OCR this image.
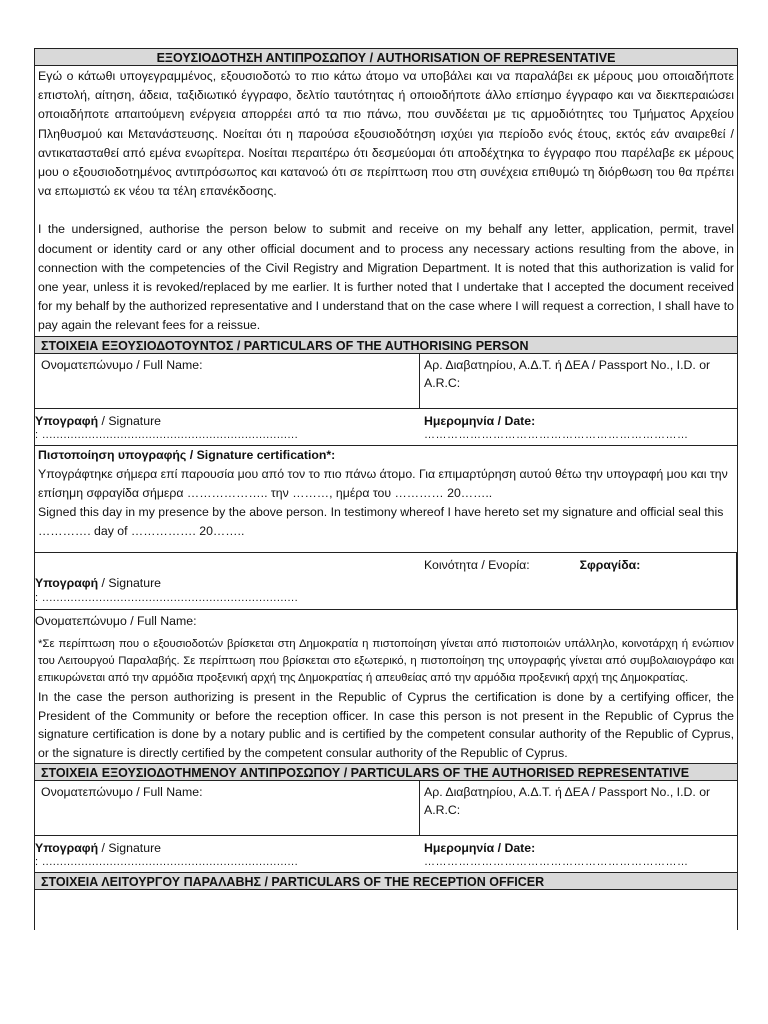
ΕΞΟΥΣΙΟΔΟΤΗΣΗ ΑΝΤΙΠΡΟΣΩΠΟΥ / AUTHORISATION OF REPRESENTATIVE

Εγώ ο κάτωθι υπογεγραμμένος, εξουσιοδοτώ το πιο κάτω άτομο να υποβάλει και να παραλάβει εκ μέρους μου οποιαδήποτε επιστολή, αίτηση, άδεια, ταξιδιωτικό έγγραφο, δελτίο ταυτότητας ή οποιοδήποτε άλλο επίσημο έγγραφο και να διεκπεραιώσει οποιαδήποτε απαιτούμενη ενέργεια απορρέει από τα πιο πάνω, που συνδέεται με τις αρμοδιότητες του Τμήματος Αρχείου Πληθυσμού και Μετανάστευσης. Νοείται ότι η παρούσα εξουσιοδότηση ισχύει για περίοδο ενός έτους, εκτός εάν αναιρεθεί / αντικατασταθεί από εμένα ενωρίτερα. Νοείται περαιτέρω ότι δεσμεύομαι ότι αποδέχτηκα το έγγραφο που παρέλαβε εκ μέρους μου ο εξουσιοδοτημένος αντιπρόσωπος και κατανοώ ότι σε περίπτωση που στη συνέχεια επιθυμώ τη διόρθωση του θα πρέπει να επωμιστώ εκ νέου τα τέλη επανέκδοσης.

I the undersigned, authorise the person below to submit and receive on my behalf any letter, application, permit, travel document or identity card or any other official document and to process any necessary actions resulting from the above, in connection with the competencies of the Civil Registry and Migration Department. It is noted that this authorization is valid for one year, unless it is revoked/replaced by me earlier. It is further noted that I undertake that I accepted the document received for my behalf by the authorized representative and I understand that on the case where I will request a correction, I shall have to pay again the relevant fees for a reissue.

ΣΤΟΙΧΕΙΑ ΕΞΟΥΣΙΟΔΟΤΟΥΝΤΟΣ / PARTICULARS OF THE AUTHORISING PERSON
Ονοματεπώνυμο / Full Name:	Αρ. Διαβατηρίου, Α.Δ.Τ. ή ΔΕΑ / Passport No., I.D. or A.R.C:
Υπογραφή / Signature
: ........................................................................
Ημερομηνία / Date:
……………………………………………………………

Πιστοποίηση υπογραφής / Signature certification*:

Υπογράφτηκε σήμερα επί παρουσία μου από τον το πιο πάνω άτομο. Για επιμαρτύρηση αυτού θέτω την υπογραφή μου και την επίσημη σφραγίδα σήμερα ……………….. την ………, ημέρα του ………… 20……..

Signed this day in my presence by the above person. In testimony whereof I have hereto set my signature and official seal this …………. day of ……………. 20……..

Κοινότητα / Ενορία:	Σφραγίδα:
Υπογραφή / Signature
: ........................................................................
Ονοματεπώνυμο / Full Name:

*Σε περίπτωση που ο εξουσιοδοτών βρίσκεται στη Δημοκρατία η πιστοποίηση γίνεται από πιστοποιών υπάλληλο, κοινοτάρχη ή ενώπιον του Λειτουργού Παραλαβής. Σε περίπτωση που βρίσκεται στο εξωτερικό, η πιστοποίηση της υπογραφής γίνεται από συμβολαιογράφο και επικυρώνεται από την αρμόδια προξενική αρχή της Δημοκρατίας ή απευθείας από την αρμόδια προξενική αρχή της Δημοκρατίας.

In the case the person authorizing is present in the Republic of Cyprus the certification is done by a certifying officer, the President of the Community or before the reception officer. In case this person is not present in the Republic of Cyprus the signature certification is done by a notary public and is certified by the competent consular authority of the Republic of Cyprus, or the signature is directly certified by the competent consular authority of the Republic of Cyprus.

ΣΤΟΙΧΕΙΑ ΕΞΟΥΣΙΟΔΟΤΗΜΕΝΟΥ ΑΝΤΙΠΡΟΣΩΠΟΥ / PARTICULARS OF THE AUTHORISED REPRESENTATIVE
Ονοματεπώνυμο / Full Name:	Αρ. Διαβατηρίου, Α.Δ.Τ. ή ΔΕΑ / Passport No., I.D. or A.R.C:
Υπογραφή / Signature
: ........................................................................
Ημερομηνία / Date:
……………………………………………………………
ΣΤΟΙΧΕΙΑ ΛΕΙΤΟΥΡΓΟΥ ΠΑΡΑΛΑΒΗΣ / PARTICULARS OF THE RECEPTION OFFICER
